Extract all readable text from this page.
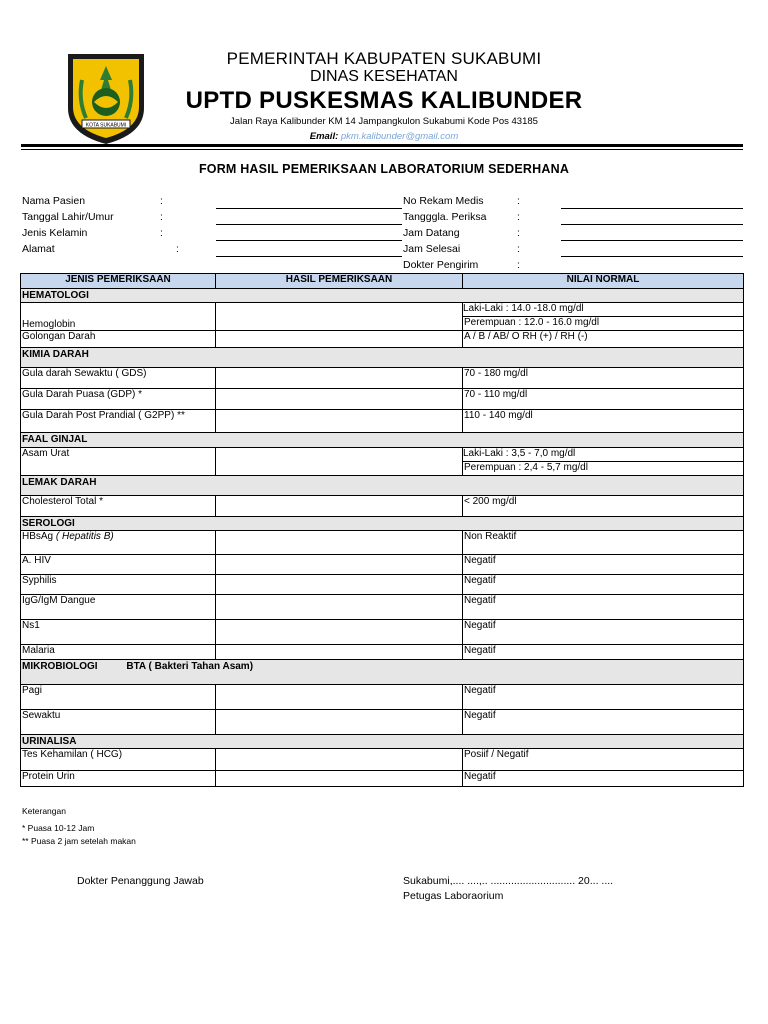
KOTA SUKABUMI
PEMERINTAH KABUPATEN SUKABUMI
DINAS KESEHATAN
UPTD PUSKESMAS KALIBUNDER
Jalan Raya Kalibunder KM 14 Jampangkulon Sukabumi Kode Pos 43185
Email: pkm.kalibunder@gmail.com
FORM HASIL PEMERIKSAAN LABORATORIUM SEDERHANA
Nama Pasien	:
Tanggal Lahir/Umur	:
Jenis Kelamin	:
Alamat	:
No Rekam Medis	:
Tangggla. Periksa	:
Jam Datang	:
Jam Selesai	:
Dokter Pengirim	:
JENIS PEMERIKSAAN	HASIL PEMERIKSAAN	NILAI NORMAL
HEMATOLOGI		
Hemoglobin		Laki-Laki : 14.0 -18.0 mg/dl
Perempuan : 12.0 - 16.0 mg/dl

Golongan Darah		A / B / AB/ O RH (+) / RH (-)
KIMIA DARAH		
Gula darah Sewaktu ( GDS)		70 - 180 mg/dl
Gula Darah Puasa (GDP) *		70 - 110 mg/dl
Gula Darah Post Prandial ( G2PP) **		110 - 140 mg/dl
FAAL GINJAL		
Asam Urat		Laki-Laki : 3,5 - 7,0 mg/dl
Perempuan : 2,4 - 5,7 mg/dl

LEMAK DARAH		
Cholesterol Total *		< 200 mg/dl
SEROLOGI		
HBsAg ( Hepatitis B)		Non Reaktif
A. HIV		Negatif
Syphilis		Negatif
IgG/IgM Dangue		Negatif
Ns1		Negatif
Malaria		Negatif
MIKROBIOLOGI BTA ( Bakteri Tahan Asam)		
Pagi		Negatif
Sewaktu		Negatif
URINALISA		
Tes Kehamilan ( HCG)		Posiif / Negatif
Protein Urin		Negatif
Keterangan
* Puasa 10-12 Jam
** Puasa 2 jam setelah makan
Dokter Penanggung Jawab	Sukabumi,.... ....,.. ............................. 20... ....
Petugas Laboraorium
